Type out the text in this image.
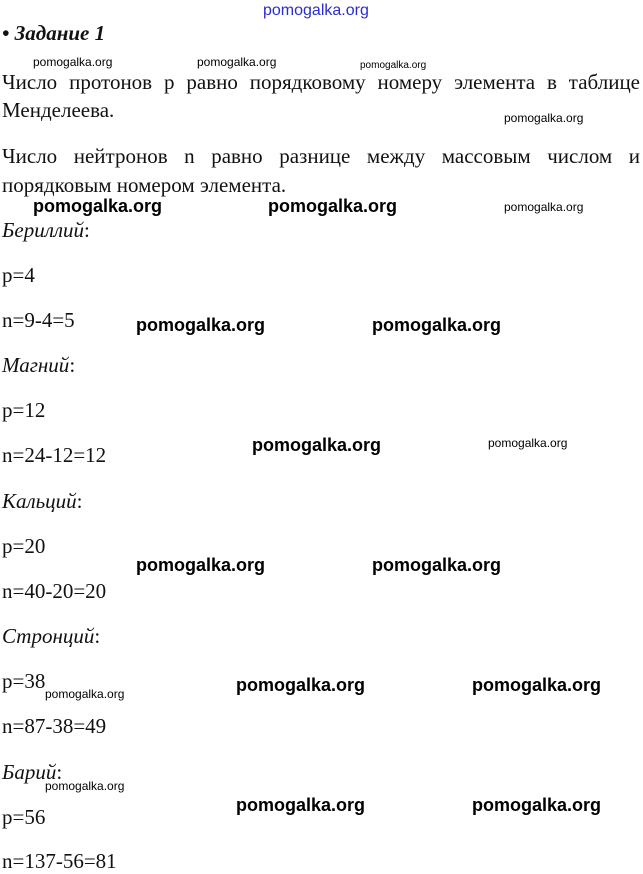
pomogalka.org
• Задание 1
pomogalka.org	pomogalka.org	pomogalka.org
Число протонов р равно порядковому номеру элемента в таблице
Менделеева.	pomogalka.org
Число нейтронов n равно разнице между массовым числом и
порядковым номером элемента.
pomogalka.org	pomogalka.org	pomogalka.org
Бериллий:
p=4
n=9-4=5	pomogalka.org	pomogalka.org
Магний:
p=12
n=24-12=12	pomogalka.org	pomogalka.org
Кальций:
p=20
pomogalka.org	pomogalka.org
n=40-20=20
Стронций:
p=38
pomogalka.org	pomogalka.org	pomogalka.org
n=87-38=49
Барий:
pomogalka.org
pomogalka.org	pomogalka.org
p=56
n=137-56=81
